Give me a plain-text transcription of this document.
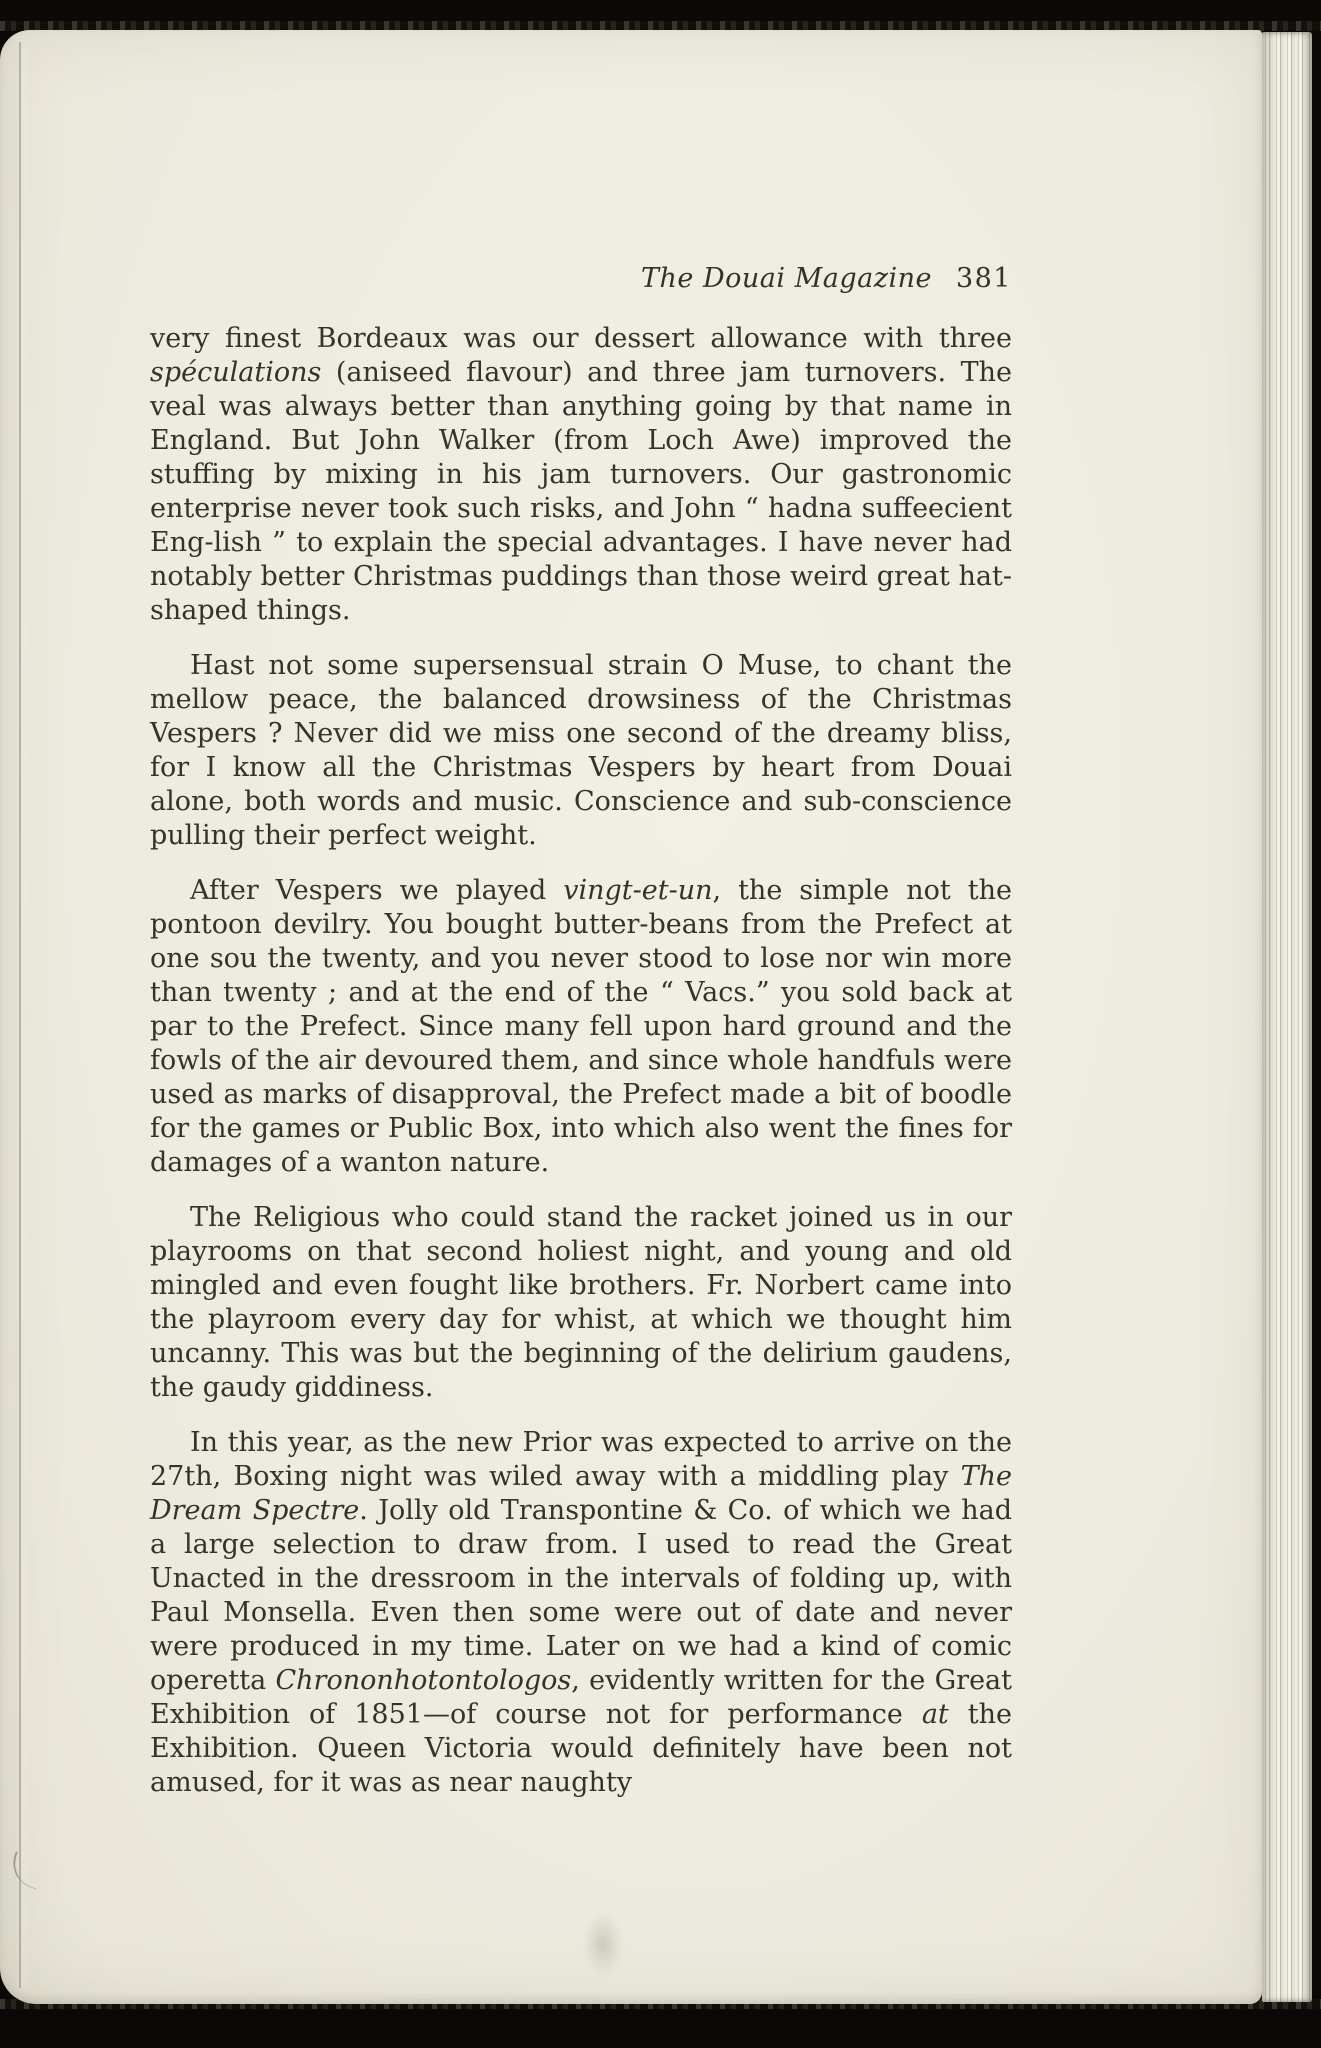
The Douai Magazine 381

very finest Bordeaux was our dessert allowance with three spéculations (aniseed flavour) and three jam turnovers. The veal was always better than anything going by that name in England. But John Walker (from Loch Awe) improved the stuffing by mixing in his jam turnovers. Our gastronomic enterprise never took such risks, and John “ hadna suffeecient Eng-lish ” to explain the special advantages. I have never had notably better Christmas puddings than those weird great hat-shaped things.

Hast not some supersensual strain O Muse, to chant the mellow peace, the balanced drowsiness of the Christmas Vespers ? Never did we miss one second of the dreamy bliss, for I know all the Christmas Vespers by heart from Douai alone, both words and music. Conscience and sub-conscience pulling their perfect weight.

After Vespers we played vingt-et-un, the simple not the pontoon devilry. You bought butter-beans from the Prefect at one sou the twenty, and you never stood to lose nor win more than twenty ; and at the end of the “ Vacs.” you sold back at par to the Prefect. Since many fell upon hard ground and the fowls of the air devoured them, and since whole handfuls were used as marks of disapproval, the Prefect made a bit of boodle for the games or Public Box, into which also went the fines for damages of a wanton nature.

The Religious who could stand the racket joined us in our playrooms on that second holiest night, and young and old mingled and even fought like brothers. Fr. Norbert came into the playroom every day for whist, at which we thought him uncanny. This was but the beginning of the delirium gaudens, the gaudy giddiness.

In this year, as the new Prior was expected to arrive on the 27th, Boxing night was wiled away with a middling play The Dream Spectre. Jolly old Transpontine & Co. of which we had a large selection to draw from. I used to read the Great Unacted in the dressroom in the intervals of folding up, with Paul Monsella. Even then some were out of date and never were produced in my time. Later on we had a kind of comic operetta Chrononhotontologos, evidently written for the Great Exhibition of 1851—of course not for performance at the Exhibition. Queen Victoria would definitely have been not amused, for it was as near naughty
